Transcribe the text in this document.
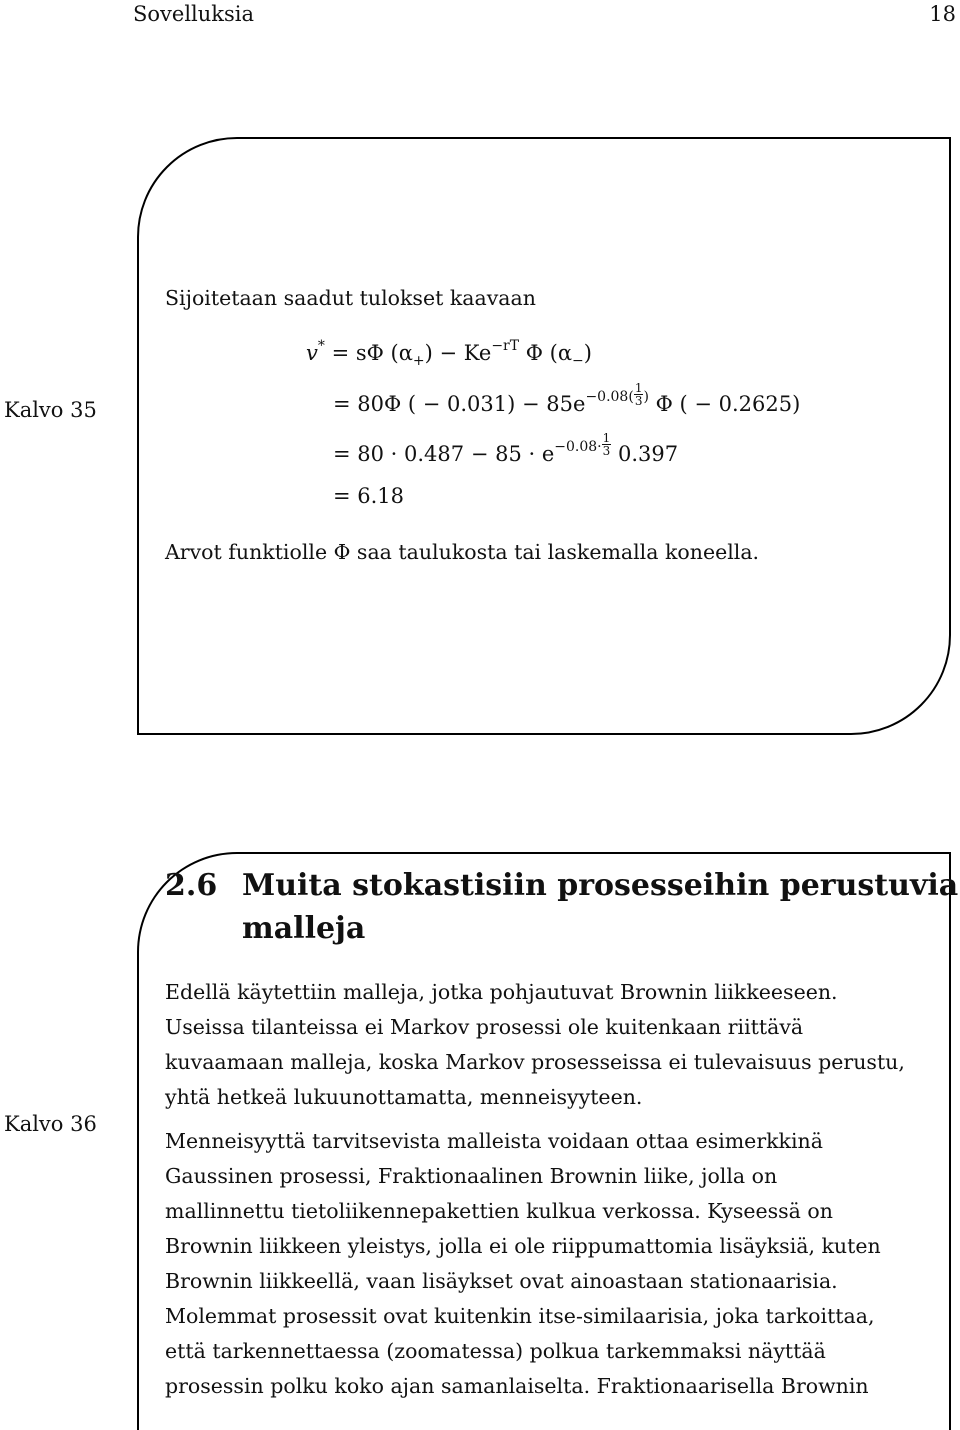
Sovelluksia	18
Kalvo 35
Sijoitetaan saadut tulokset kaavaan
v* = sΦ $(\alpha_+) - Ke^{-rT}$ Φ $(\alpha_-)$
= 80Φ ( − $0.031) - 85e^{-0.08(} \frac{1}{3} ^)$ Φ ( − 0.2625)
= $80 \cdot 0.487 - 85 \cdot e^{-0.08\cdot} \frac{1}{3} 0.397$
= 6.18
Arvot funktiolle Φ saa taulukosta tai laskemalla koneella.
Kalvo 36
2.6 Muita stokastisiin prosesseihin perustuvia
malleja
Edellä käytettiin malleja, jotka pohjautuvat Brownin liikkeeseen.
Useissa tilanteissa ei Markov prosessi ole kuitenkaan riittävä
kuvaamaan malleja, koska Markov prosesseissa ei tulevaisuus perustu,
yhtä hetkeä lukuunottamatta, menneisyyteen.
Menneisyyttä tarvitsevista malleista voidaan ottaa esimerkkinä
Gaussinen prosessi, Fraktionaalinen Brownin liike, jolla on
mallinnettu tietoliikennepakettien kulkua verkossa. Kyseessä on
Brownin liikkeen yleistys, jolla ei ole riippumattomia lisäyksiä, kuten
Brownin liikkeellä, vaan lisäykset ovat ainoastaan stationaarisia.
Molemmat prosessit ovat kuitenkin itse-similaarisia, joka tarkoittaa,
että tarkennettaessa (zoomatessa) polkua tarkemmaksi näyttää
prosessin polku koko ajan samanlaiselta. Fraktionaarisella Brownin
